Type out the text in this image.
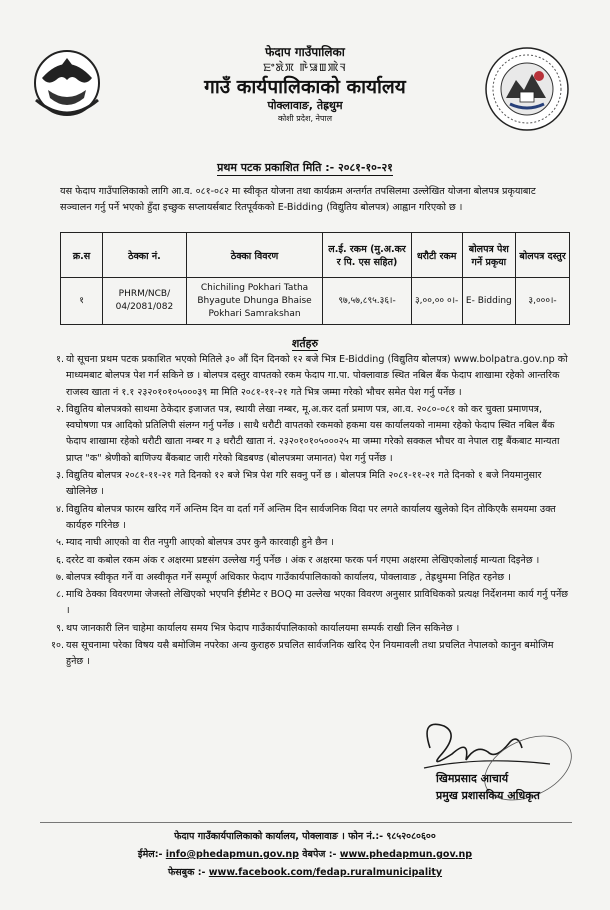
फेदाप गाउँपालिका
ꯐꯦꯗꯥꯞ ꯒꯥꯎꯡꯄꯥꯜ
गाउँ कार्यपालिकाको कार्यालय
पोक्लावाङ, तेह्रथुम
कोशी प्रदेश, नेपाल
प्रथम पटक प्रकाशित मिति :- २०८१-१०-२१
यस फेदाप गाउँपालिकाको लागि आ.व. ०८१-०८२ मा स्वीकृत योजना तथा कार्यक्रम अन्तर्गत तपसिलमा उल्लेखित योजना बोलपत्र प्रकृयाबाट सञ्चालन गर्नु पर्ने भएको हुँदा इच्छुक सप्लायर्सबाट रितपूर्वकको E-Bidding (विद्युतिय बोलपत्र) आह्वान गरिएको छ ।
क्र.स	ठेक्का नं.	ठेक्का विवरण	ल.ई. रकम (मु.अ.कर र पि. एस सहित)	धरौटी रकम	बोलपत्र पेश गर्ने प्रकृया	बोलपत्र दस्तुर
१	PHRM/NCB/ 04/2081/082	Chichiling Pokhari Tatha Bhyagute Dhunga Bhaise Pokhari Samrakshan	९७,५७,८९५.३६।-	३,००,०० ०।-	E- Bidding	३,०००।-
शर्तहरु
१. यो सूचना प्रथम पटक प्रकाशित भएको मितिले ३० औं दिन दिनको १२ बजे भित्र E-Bidding (विद्युतिय बोलपत्र) www.bolpatra.gov.np को माध्यमबाट बोलपत्र पेश गर्न सकिने छ । बोलपत्र दस्तुर वापतको रकम फेदाप गा.पा. पोक्लावाङ स्थित नबिल बैंक फेदाप शाखामा रहेको आन्तरिक राजस्व खाता नं १.१ २३२०१०१०५०००३९ मा मिति २०८१-११-२१ गते भित्र जम्मा गरेको भौचर समेत पेश गर्नु पर्नेछ ।
२. विद्युतिय बोलपत्रको साथमा ठेकेदार इजाजत पत्र, स्थायी लेखा नम्बर, मू.अ.कर दर्ता प्रमाण पत्र, आ.व. २०८०-०८१ को कर चुक्ता प्रमाणपत्र, स्वघोषणा पत्र आदिको प्रतिलिपी संलग्न गर्नु पर्नेछ । साथै धरौटी वापतको रकमको हकमा यस कार्यालयको नाममा रहेको फेदाप स्थित नबिल बैंक फेदाप शाखामा रहेको धरौटी खाता नम्बर ग ३ धरौटी खाता नं. २३२०१०१०५०००२५ मा जम्मा गरेको सक्कल भौचर वा नेपाल राष्ट्र बैंकबाट मान्यता प्राप्त "क" श्रेणीको बाणिज्य बैंकबाट जारी गरेको बिडबण्ड (बोलपत्रमा जमानत) पेश गर्नु पर्नेछ ।
३. विद्युतिय बोलपत्र २०८१-११-२१ गते दिनको १२ बजे भित्र पेश गरि सक्नु पर्ने छ । बोलपत्र मिति २०८१-११-२१ गते दिनको १ बजे नियमानुसार खोलिनेछ ।
४. विद्युतिय बोलपत्र फारम खरिद गर्ने अन्तिम दिन वा दर्ता गर्ने अन्तिम दिन सार्वजनिक विदा पर लगते कार्यालय खुलेको दिन तोकिएकै समयमा उक्त कार्यहरु गरिनेछ ।
५. म्याद नाघी आएको वा रीत नपुगी आएको बोलपत्र उपर कुनै कारवाही हुने छैन ।
६. दररेट वा कबोल रकम अंक र अक्षरमा प्रष्टसंग उल्लेख गर्नु पर्नेछ । अंक र अक्षरमा फरक पर्न गएमा अक्षरमा लेखिएकोलाई मान्यता दिइनेछ ।
७. बोलपत्र स्वीकृत गर्ने वा अस्वीकृत गर्ने सम्पूर्ण अधिकार फेदाप गाउँकार्यपालिकाको कार्यालय, पोक्लावाङ , तेह्रथुममा निहित रहनेछ ।
८. माथि ठेक्का विवरणमा जेजस्तो लेखिएको भएपनि ईष्टीमेट र BOQ मा उल्लेख भएका विवरण अनुसार प्राविधिकको प्रत्यक्ष निर्देशनमा कार्य गर्नु पर्नेछ ।
९. थप जानकारी लिन चाहेमा कार्यालय समय भित्र फेदाप गाउँकार्यपालिकाको कार्यालयमा सम्पर्क राखी लिन सकिनेछ ।
१०. यस सूचनामा परेका विषय यसै बमोजिम नपरेका अन्य कुराहरु प्रचलित सार्वजनिक खरिद ऐन नियमावली तथा प्रचलित नेपालको कानुन बमोजिम हुनेछ ।
खिमप्रसाद आचार्य
प्रमुख प्रशासकिय अधिकृत
फेदाप गाउँकार्यपालिकाको कार्यालय, पोक्लावाङ । फोन नं.:- ९८५२०८०६००
ईमेल:- info@phedapmun.gov.np वेबपेज :- www.phedapmun.gov.np
फेसबुक :- www.facebook.com/fedap.ruralmunicipality
